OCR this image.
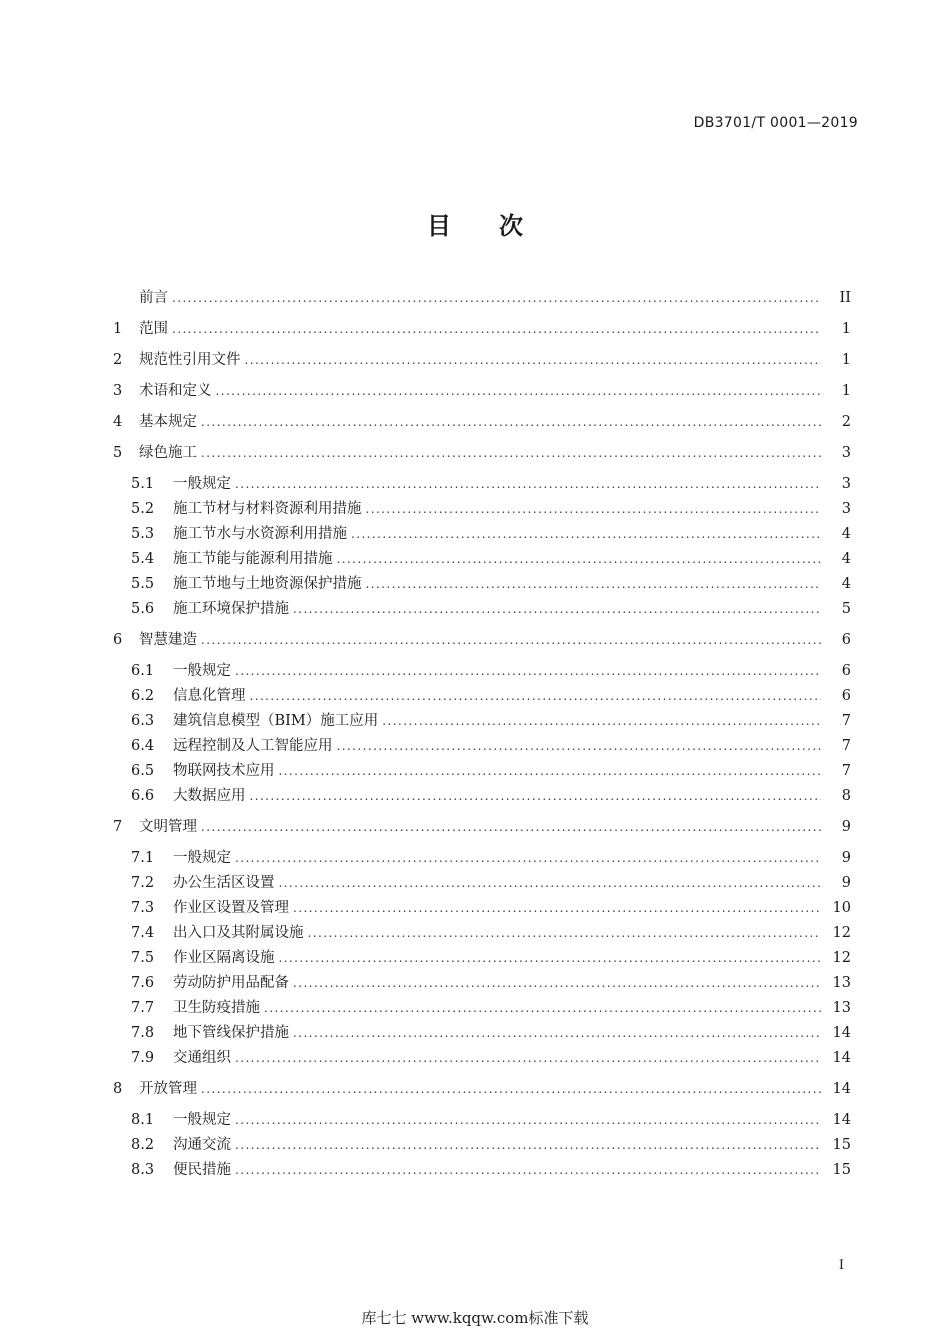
DB3701/T 0001—2019
目次
前言 . . .	II
1	范围 . . .	1
2	规范性引用文件 . . .	1
3	术语和定义 . . .	1
4	基本规定 . . .	2
5	绿色施工 . . .	3
5.1	一般规定 . . .	3
5.2	施工节材与材料资源利用措施 . . .	3
5.3	施工节水与水资源利用措施 . . .	4
5.4	施工节能与能源利用措施 . . .	4
5.5	施工节地与土地资源保护措施 . . .	4
5.6	施工环境保护措施 . . .	5
6	智慧建造 . . .	6
6.1	一般规定 . . .	6
6.2	信息化管理 . . .	6
6.3	建筑信息模型（BIM）施工应用 . . .	7
6.4	远程控制及人工智能应用 . . .	7
6.5	物联网技术应用 . . .	7
6.6	大数据应用 . . .	8
7	文明管理 . . .	9
7.1	一般规定 . . .	9
7.2	办公生活区设置 . . .	9
7.3	作业区设置及管理 . . .	10
7.4	出入口及其附属设施 . . .	12
7.5	作业区隔离设施 . . .	12
7.6	劳动防护用品配备 . . .	13
7.7	卫生防疫措施 . . .	13
7.8	地下管线保护措施 . . .	14
7.9	交通组织 . . .	14
8	开放管理 . . .	14
8.1	一般规定 . . .	14
8.2	沟通交流 . . .	15
8.3	便民措施 . . .	15
I
库七七 www.kqqw.com标准下载
